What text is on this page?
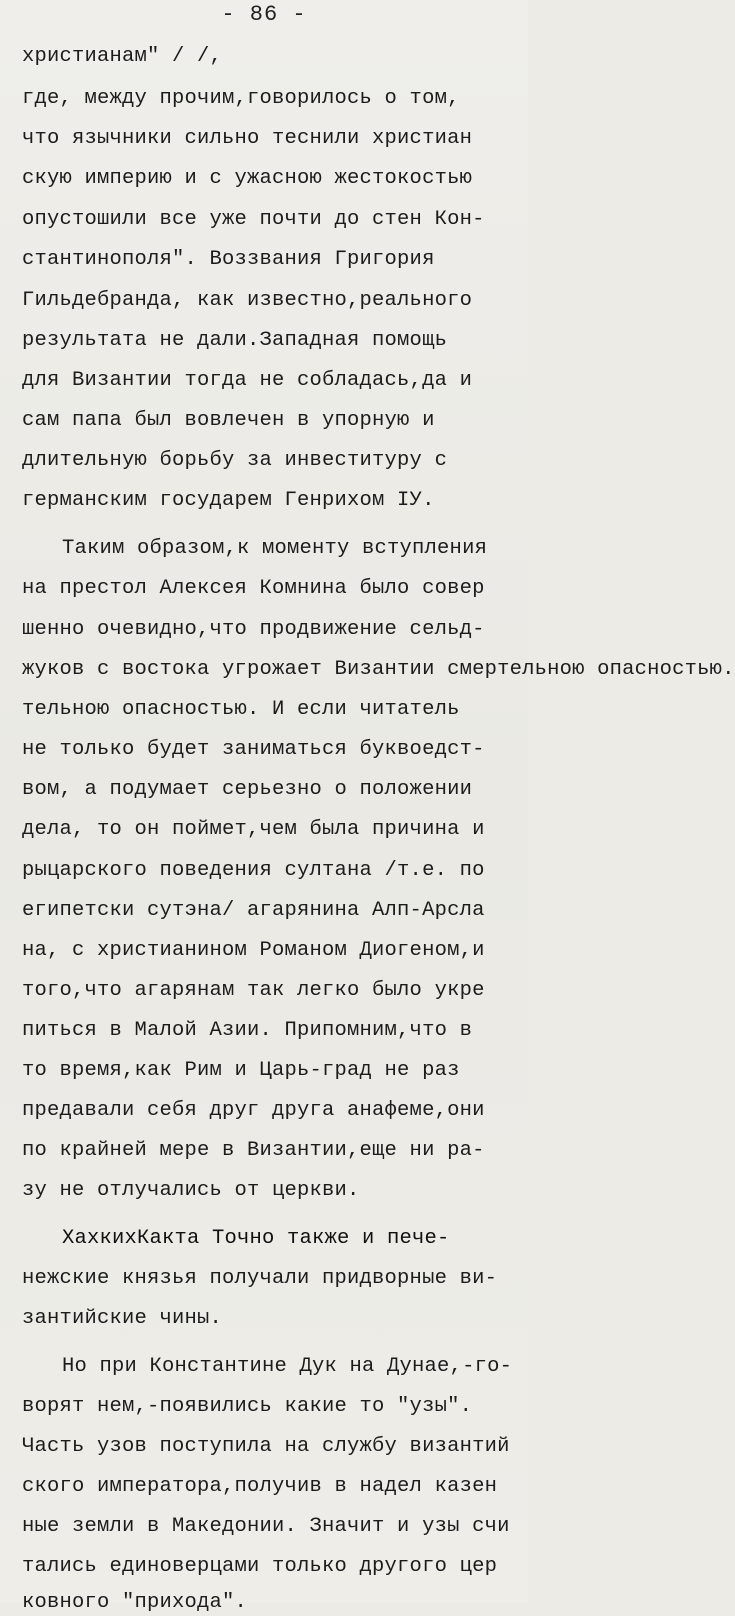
- 86 -
христианам" / /,
где, между прочим,говорилось о том,
что язычники сильно теснили христиан
скую империю и с ужасною жестокостью
опустошили все уже почти до стен Кон-
стантинополя". Воззвания Григория
Гильдебранда, как известно,реального
результата не дали.Западная помощь
для Византии тогда не собладась,да и
сам папа был вовлечен в упорную и
длительную борьбу за инвеституру с
германским государем Генрихом IУ.
Таким образом,к моменту вступления
на престол Алексея Комнина было совер
шенно очевидно,что продвижение сельд-
жуков с востока угрожает Византии смертельною опасностью.
тельною опасностью. И если читатель
не только будет заниматься буквоедст-
вом, а подумает серьезно о положении
дела, то он поймет,чем была причина и
рыцарского поведения султана /т.е. по
египетски сутэна/ агарянина Алп-Арсла
на, с христианином Романом Диогеном,и
того,что агарянам так легко было укре
питься в Малой Азии. Припомним,что в
то время,как Рим и Царь-град не раз
предавали себя друг друга анафеме,они
по крайней мере в Византии,еще ни ра-
зу не отлучались от церкви.
ХахкихКакта Точно также и пече-
нежские князья получали придворные ви-
зантийские чины.
Но при Константине Дук на Дунае,-го-
ворят нем,-появились какие то "узы".
Часть узов поступила на службу византий
ского императора,получив в надел казен
ные земли в Македонии. Значит и узы счи
тались единоверцами только другого цер
ковного "прихода".
